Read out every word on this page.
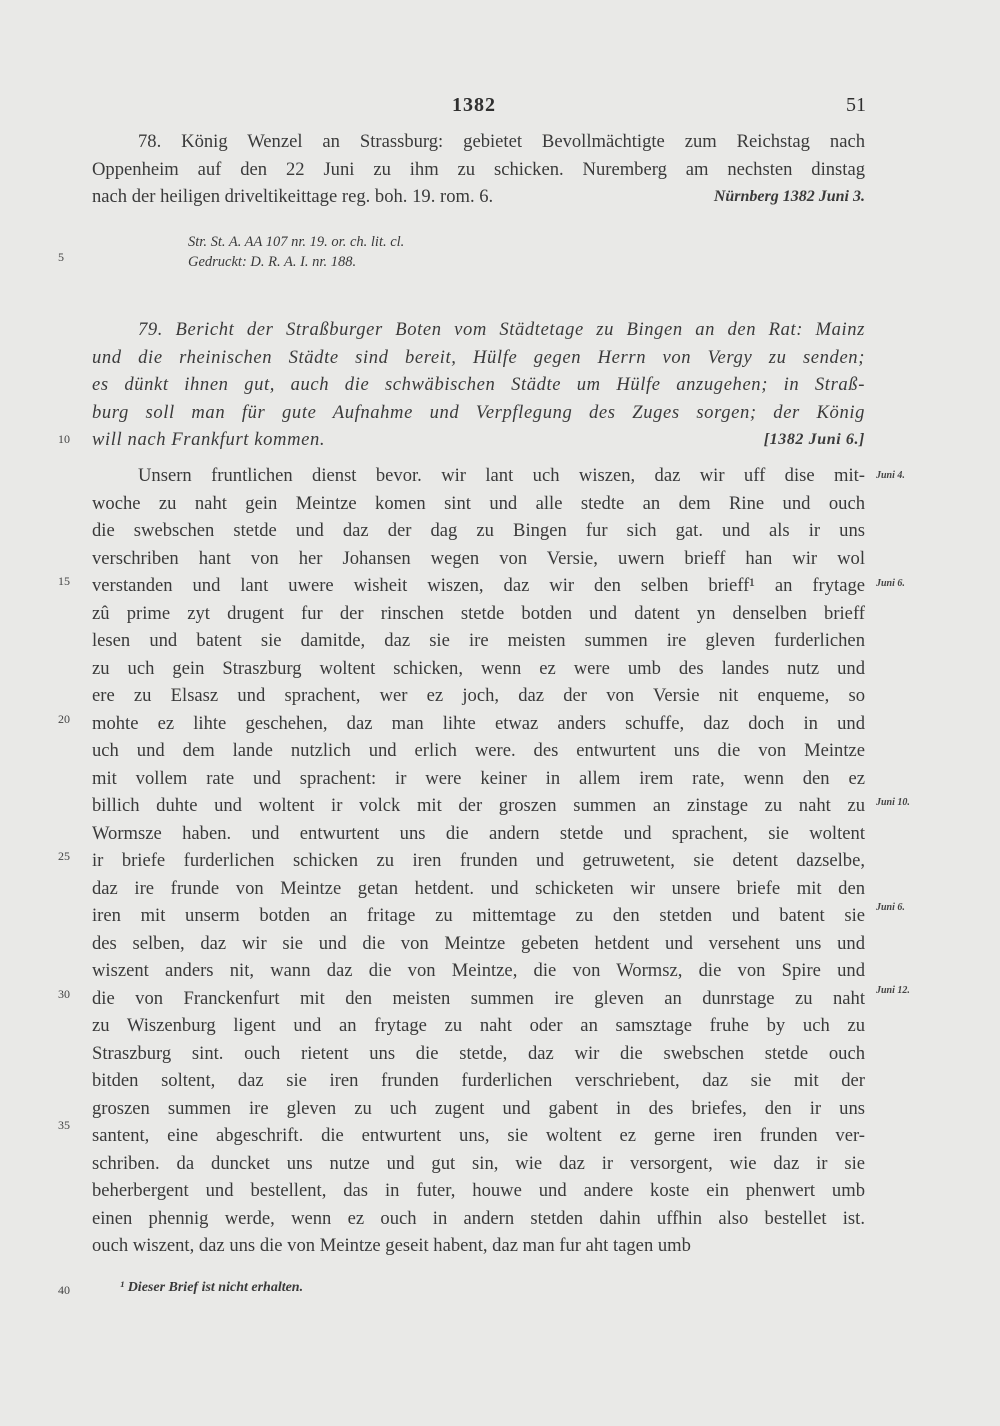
1382	51
78. König Wenzel an Strassburg: gebietet Bevollmächtigte zum Reichstag nach
Oppenheim auf den 22 Juni zu ihm zu schicken. Nuremberg am nechsten dinstag
nach der heiligen driveltikeittage reg. boh. 19. rom. 6.	Nürnberg 1382 Juni 3.
Str. St. A. AA 107 nr. 19. or. ch. lit. cl.
Gedruckt: D. R. A. I. nr. 188.
79. Bericht der Straßburger Boten vom Städtetage zu Bingen an den Rat: Mainz
und die rheinischen Städte sind bereit, Hülfe gegen Herrn von Vergy zu senden;
es dünkt ihnen gut, auch die schwäbischen Städte um Hülfe anzugehen; in Straß-
burg soll man für gute Aufnahme und Verpflegung des Zuges sorgen; der König
will nach Frankfurt kommen.	[1382 Juni 6.]
Unsern fruntlichen dienst bevor. wir lant uch wiszen, daz wir uff dise mit-
woche zu naht gein Meintze komen sint und alle stedte an dem Rine und ouch
die swebschen stetde und daz der dag zu Bingen fur sich gat. und als ir uns
verschriben hant von her Johansen wegen von Versie, uwern brieff han wir wol
verstanden und lant uwere wisheit wiszen, daz wir den selben brieff¹ an frytage
zû prime zyt drugent fur der rinschen stetde botden und datent yn denselben brieff
lesen und batent sie damitde, daz sie ire meisten summen ire gleven furderlichen
zu uch gein Straszburg woltent schicken, wenn ez were umb des landes nutz und
ere zu Elsasz und sprachent, wer ez joch, daz der von Versie nit enqueme, so
mohte ez lihte geschehen, daz man lihte etwaz anders schuffe, daz doch in und
uch und dem lande nutzlich und erlich were. des entwurtent uns die von Meintze
mit vollem rate und sprachent: ir were keiner in allem irem rate, wenn den ez
billich duhte und woltent ir volck mit der groszen summen an zinstage zu naht zu
Wormsze haben. und entwurtent uns die andern stetde und sprachent, sie woltent
ir briefe furderlichen schicken zu iren frunden und getruwetent, sie detent dazselbe,
daz ire frunde von Meintze getan hetdent. und schicketen wir unsere briefe mit den
iren mit unserm botden an fritage zu mittemtage zu den stetden und batent sie
des selben, daz wir sie und die von Meintze gebeten hetdent und versehent uns und
wiszent anders nit, wann daz die von Meintze, die von Wormsz, die von Spire und
die von Franckenfurt mit den meisten summen ire gleven an dunrstage zu naht
zu Wiszenburg ligent und an frytage zu naht oder an samsztage fruhe by uch zu
Straszburg sint. ouch rietent uns die stetde, daz wir die swebschen stetde ouch
bitden soltent, daz sie iren frunden furderlichen verschriebent, daz sie mit der
groszen summen ire gleven zu uch zugent und gabent in des briefes, den ir uns
santent, eine abgeschrift. die entwurtent uns, sie woltent ez gerne iren frunden ver-
schriben. da duncket uns nutze und gut sin, wie daz ir versorgent, wie daz ir sie
beherbergent und bestellent, das in futer, houwe und andere koste ein phenwert umb
einen phennig werde, wenn ez ouch in andern stetden dahin uffhin also bestellet ist.
ouch wiszent, daz uns die von Meintze geseit habent, daz man fur aht tagen umb
5
10
15
20
25
30
35
40
Juni 4.
Juni 6.
Juni 10.
Juni 6.
Juni 12.
¹ Dieser Brief ist nicht erhalten.
